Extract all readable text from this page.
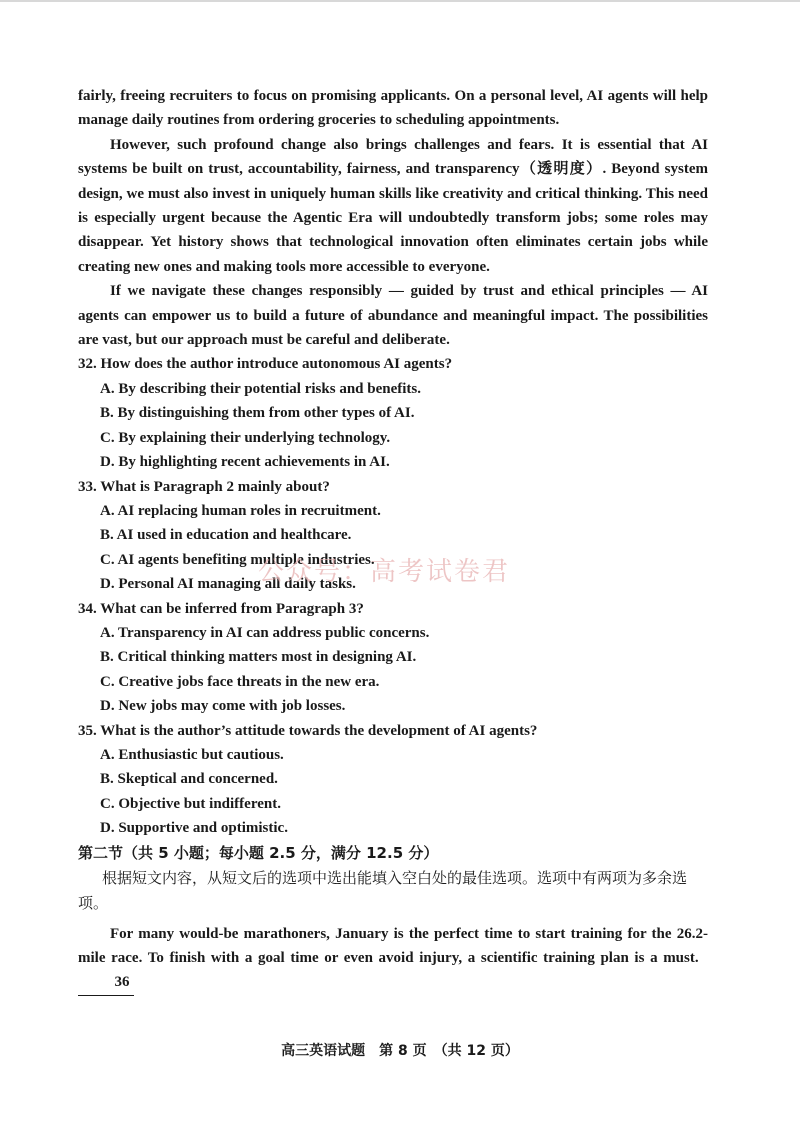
fairly, freeing recruiters to focus on promising applicants. On a personal level, AI agents will help manage daily routines from ordering groceries to scheduling appointments.

However, such profound change also brings challenges and fears. It is essential that AI systems be built on trust, accountability, fairness, and transparency（透明度）. Beyond system design, we must also invest in uniquely human skills like creativity and critical thinking. This need is especially urgent because the Agentic Era will undoubtedly transform jobs; some roles may disappear. Yet history shows that technological innovation often eliminates certain jobs while creating new ones and making tools more accessible to everyone.

If we navigate these changes responsibly — guided by trust and ethical principles — AI agents can empower us to build a future of abundance and meaningful impact. The possibilities are vast, but our approach must be careful and deliberate.

32. How does the author introduce autonomous AI agents?

A. By describing their potential risks and benefits.

B. By distinguishing them from other types of AI.

C. By explaining their underlying technology.

D. By highlighting recent achievements in AI.

33. What is Paragraph 2 mainly about?

A. AI replacing human roles in recruitment.

B. AI used in education and healthcare.

C. AI agents benefiting multiple industries.

D. Personal AI managing all daily tasks.

34. What can be inferred from Paragraph 3?

A. Transparency in AI can address public concerns.

B. Critical thinking matters most in designing AI.

C. Creative jobs face threats in the new era.

D. New jobs may come with job losses.

35. What is the author’s attitude towards the development of AI agents?

A. Enthusiastic but cautious.

B. Skeptical and concerned.

C. Objective but indifferent.

D. Supportive and optimistic.

第二节（共 5 小题；每小题 2.5 分，满分 12.5 分）

根据短文内容，从短文后的选项中选出能填入空白处的最佳选项。选项中有两项为多余选项。

For many would-be marathoners, January is the perfect time to start training for the 26.2-mile race. To finish with a goal time or even avoid injury, a scientific training plan is a must.  36

公众号：高考试卷君
高三英语试题　第 8 页　（共 12 页）
